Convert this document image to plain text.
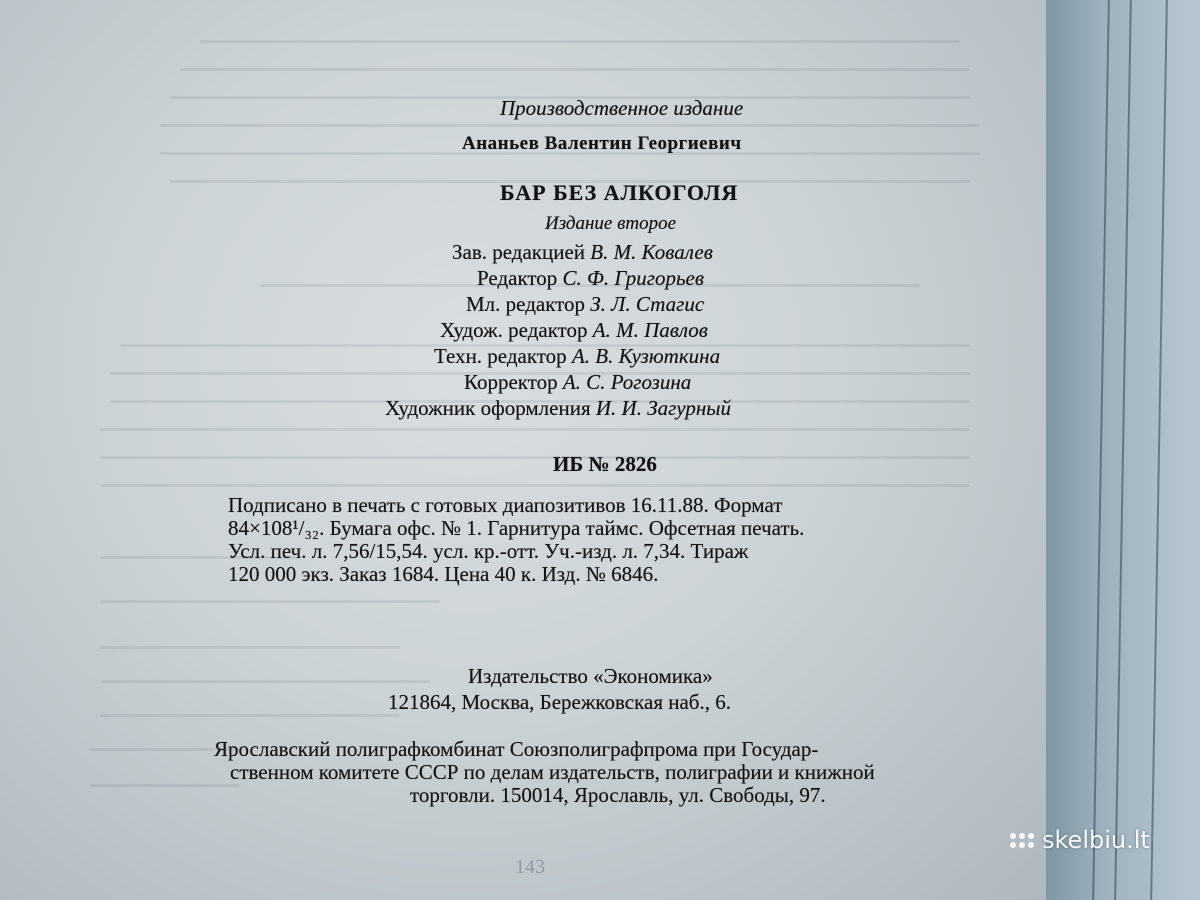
Производственное издание

Ананьев Валентин Георгиевич

БАР БЕЗ АЛКОГОЛЯ

Издание второе

Зав. редакцией В. М. Ковалев

Редактор С. Ф. Григорьев

Мл. редактор З. Л. Стагис

Худож. редактор А. М. Павлов

Техн. редактор А. В. Кузюткина

Корректор А. С. Рогозина

Художник оформления И. И. Загурный

ИБ № 2826

Подписано в печать с готовых диапозитивов 16.11.88. Формат
84×108¹/₃₂. Бумага офс. № 1. Гарнитура таймс. Офсетная печать.
Усл. печ. л. 7,56/15,54. усл. кр.-отт. Уч.-изд. л. 7,34. Тираж
120 000 экз. Заказ 1684. Цена 40 к. Изд. № 6846.

Издательство «Экономика»

121864, Москва, Бережковская наб., 6.

Ярославский полиграфкомбинат Союзполиграфпрома при Государ-
ственном комитете СССР по делам издательств, полиграфии и книжной
торговли. 150014, Ярославль, ул. Свободы, 97.

143

skelbiu.lt
